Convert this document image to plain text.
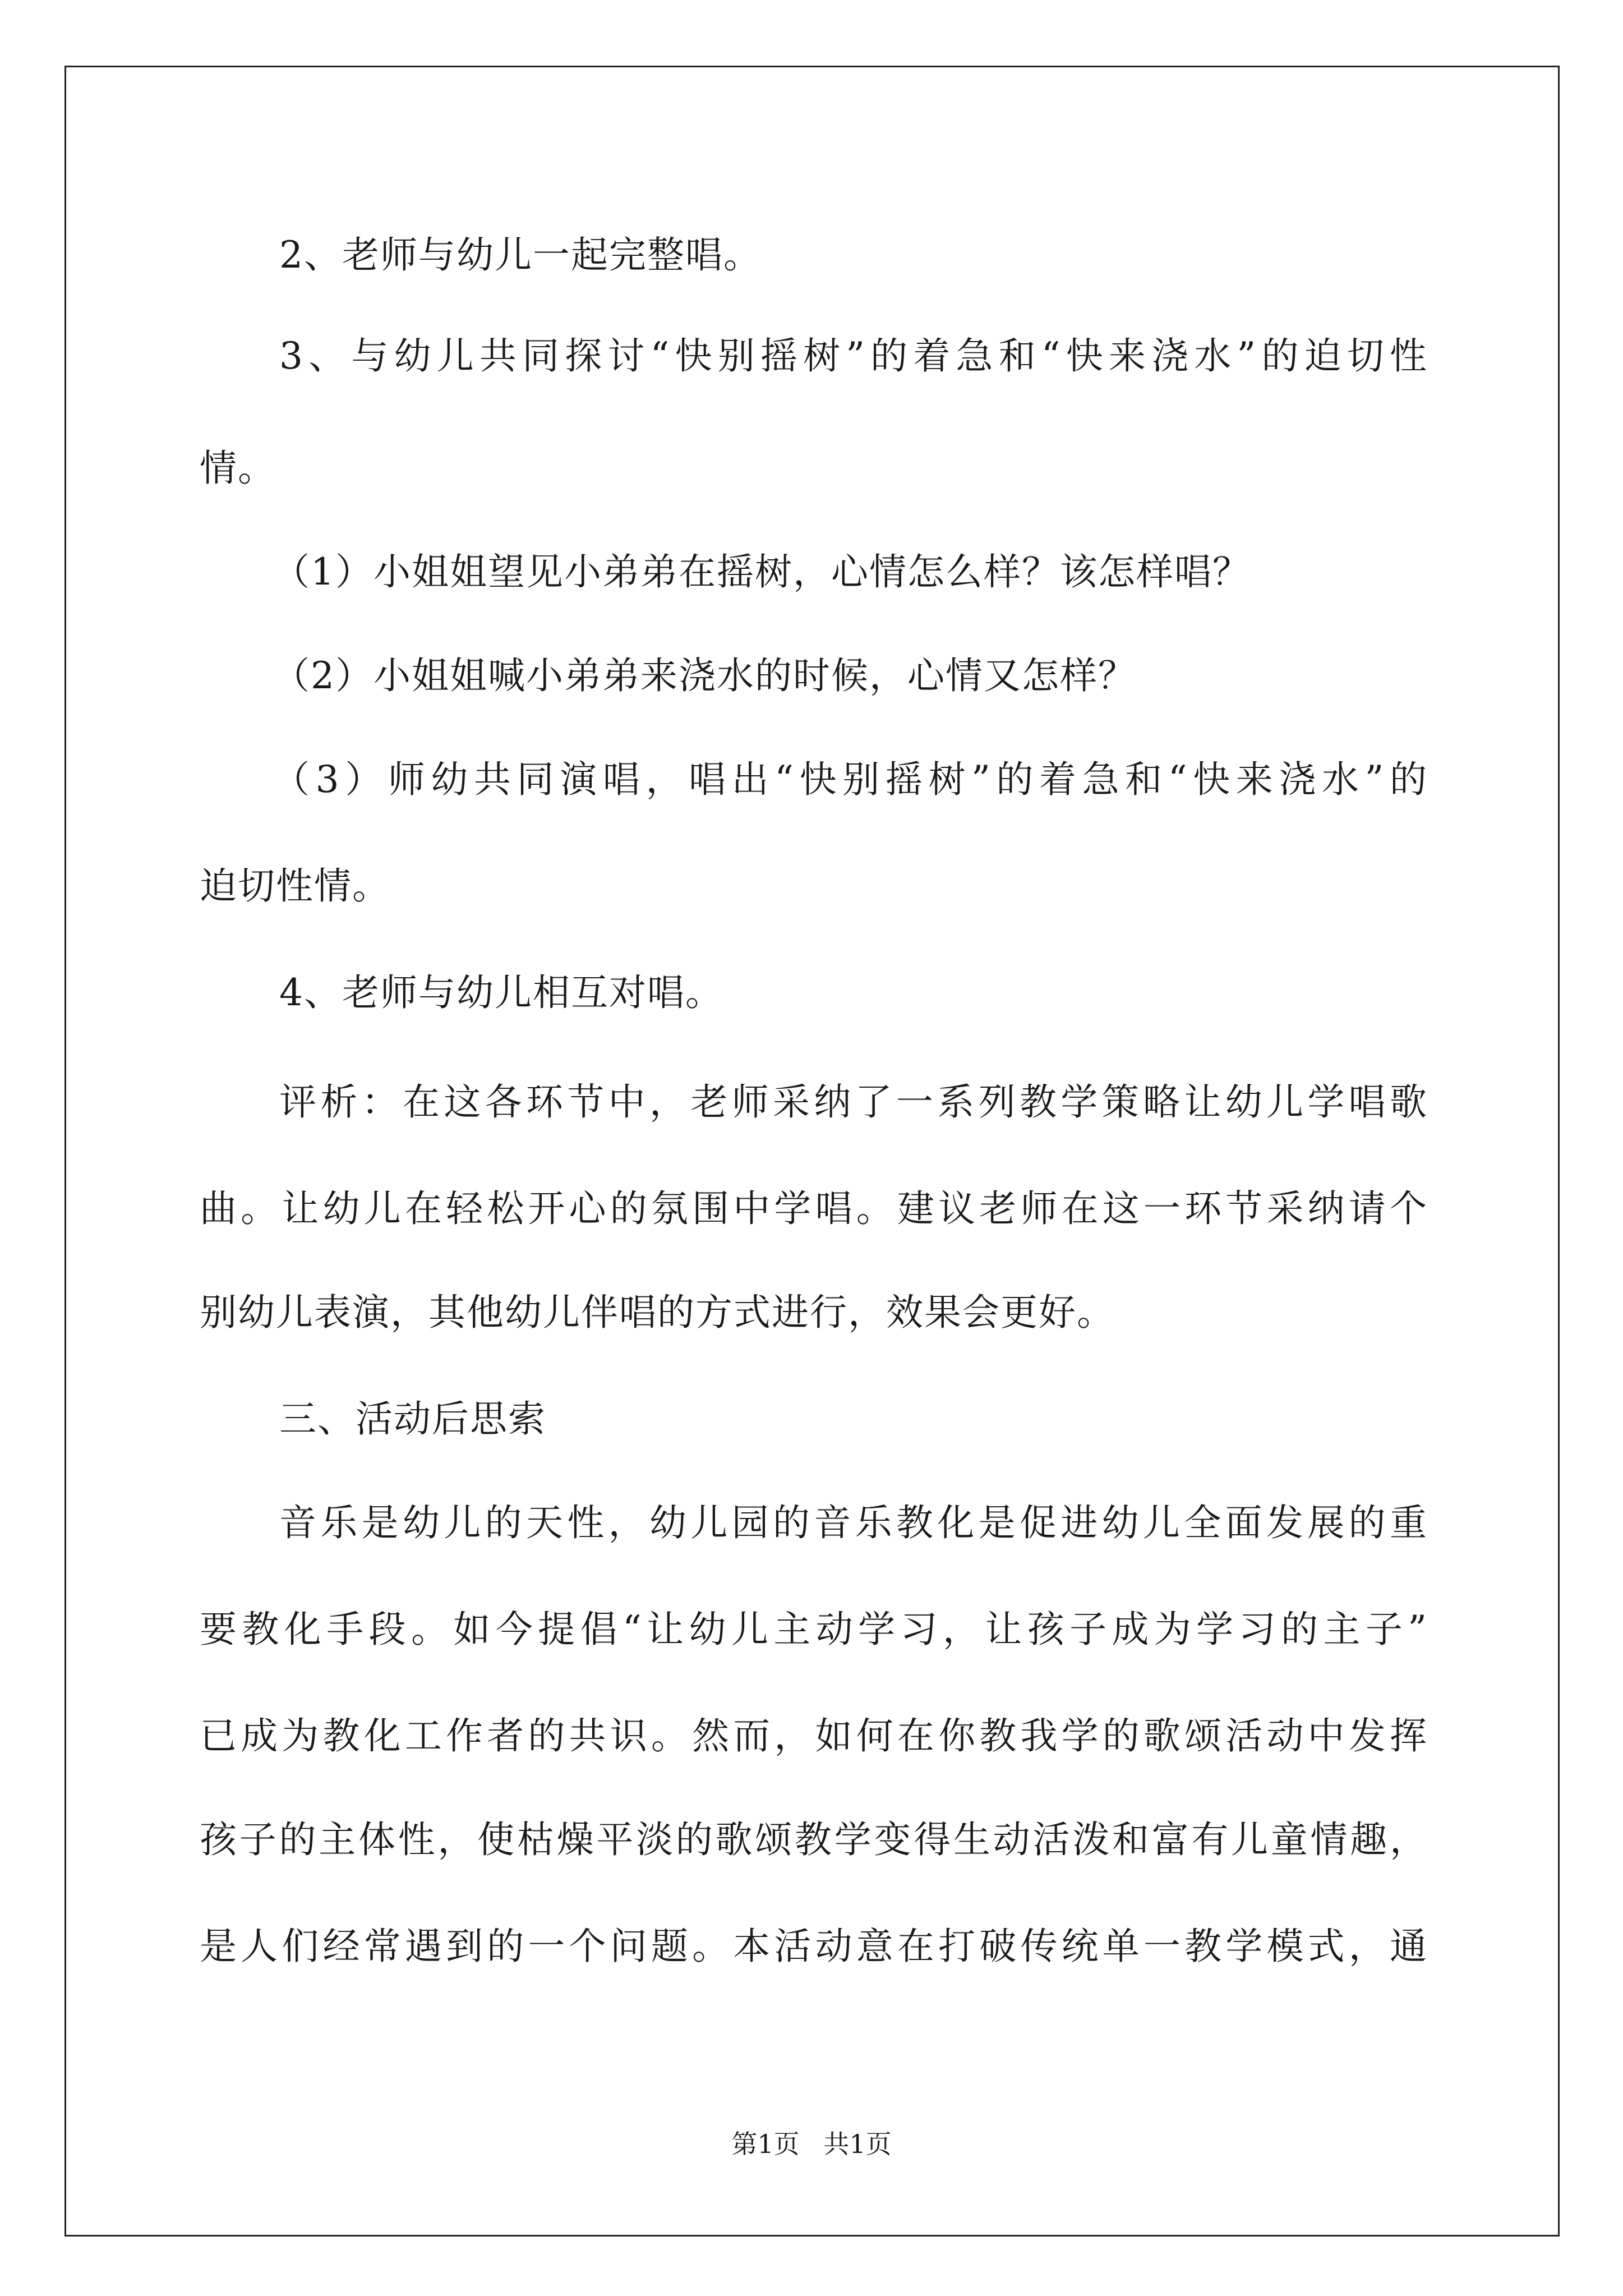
2、老师与幼儿一起完整唱。
3、与幼儿共同探讨“快别摇树”的着急和“快来浇水”的迫切性
情。
（1）小姐姐望见小弟弟在摇树，心情怎么样？该怎样唱？
（2）小姐姐喊小弟弟来浇水的时候，心情又怎样？
（3）师幼共同演唱，唱出“快别摇树”的着急和“快来浇水”的
迫切性情。
4、老师与幼儿相互对唱。
评析：在这各环节中，老师采纳了一系列教学策略让幼儿学唱歌
曲。让幼儿在轻松开心的氛围中学唱。建议老师在这一环节采纳请个
别幼儿表演，其他幼儿伴唱的方式进行，效果会更好。
三、活动后思索
音乐是幼儿的天性，幼儿园的音乐教化是促进幼儿全面发展的重
要教化手段。如今提倡“让幼儿主动学习，让孩子成为学习的主子”
已成为教化工作者的共识。然而，如何在你教我学的歌颂活动中发挥
孩子的主体性，使枯燥平淡的歌颂教学变得生动活泼和富有儿童情趣，
是人们经常遇到的一个问题。本活动意在打破传统单一教学模式，通
第1页 共1页
